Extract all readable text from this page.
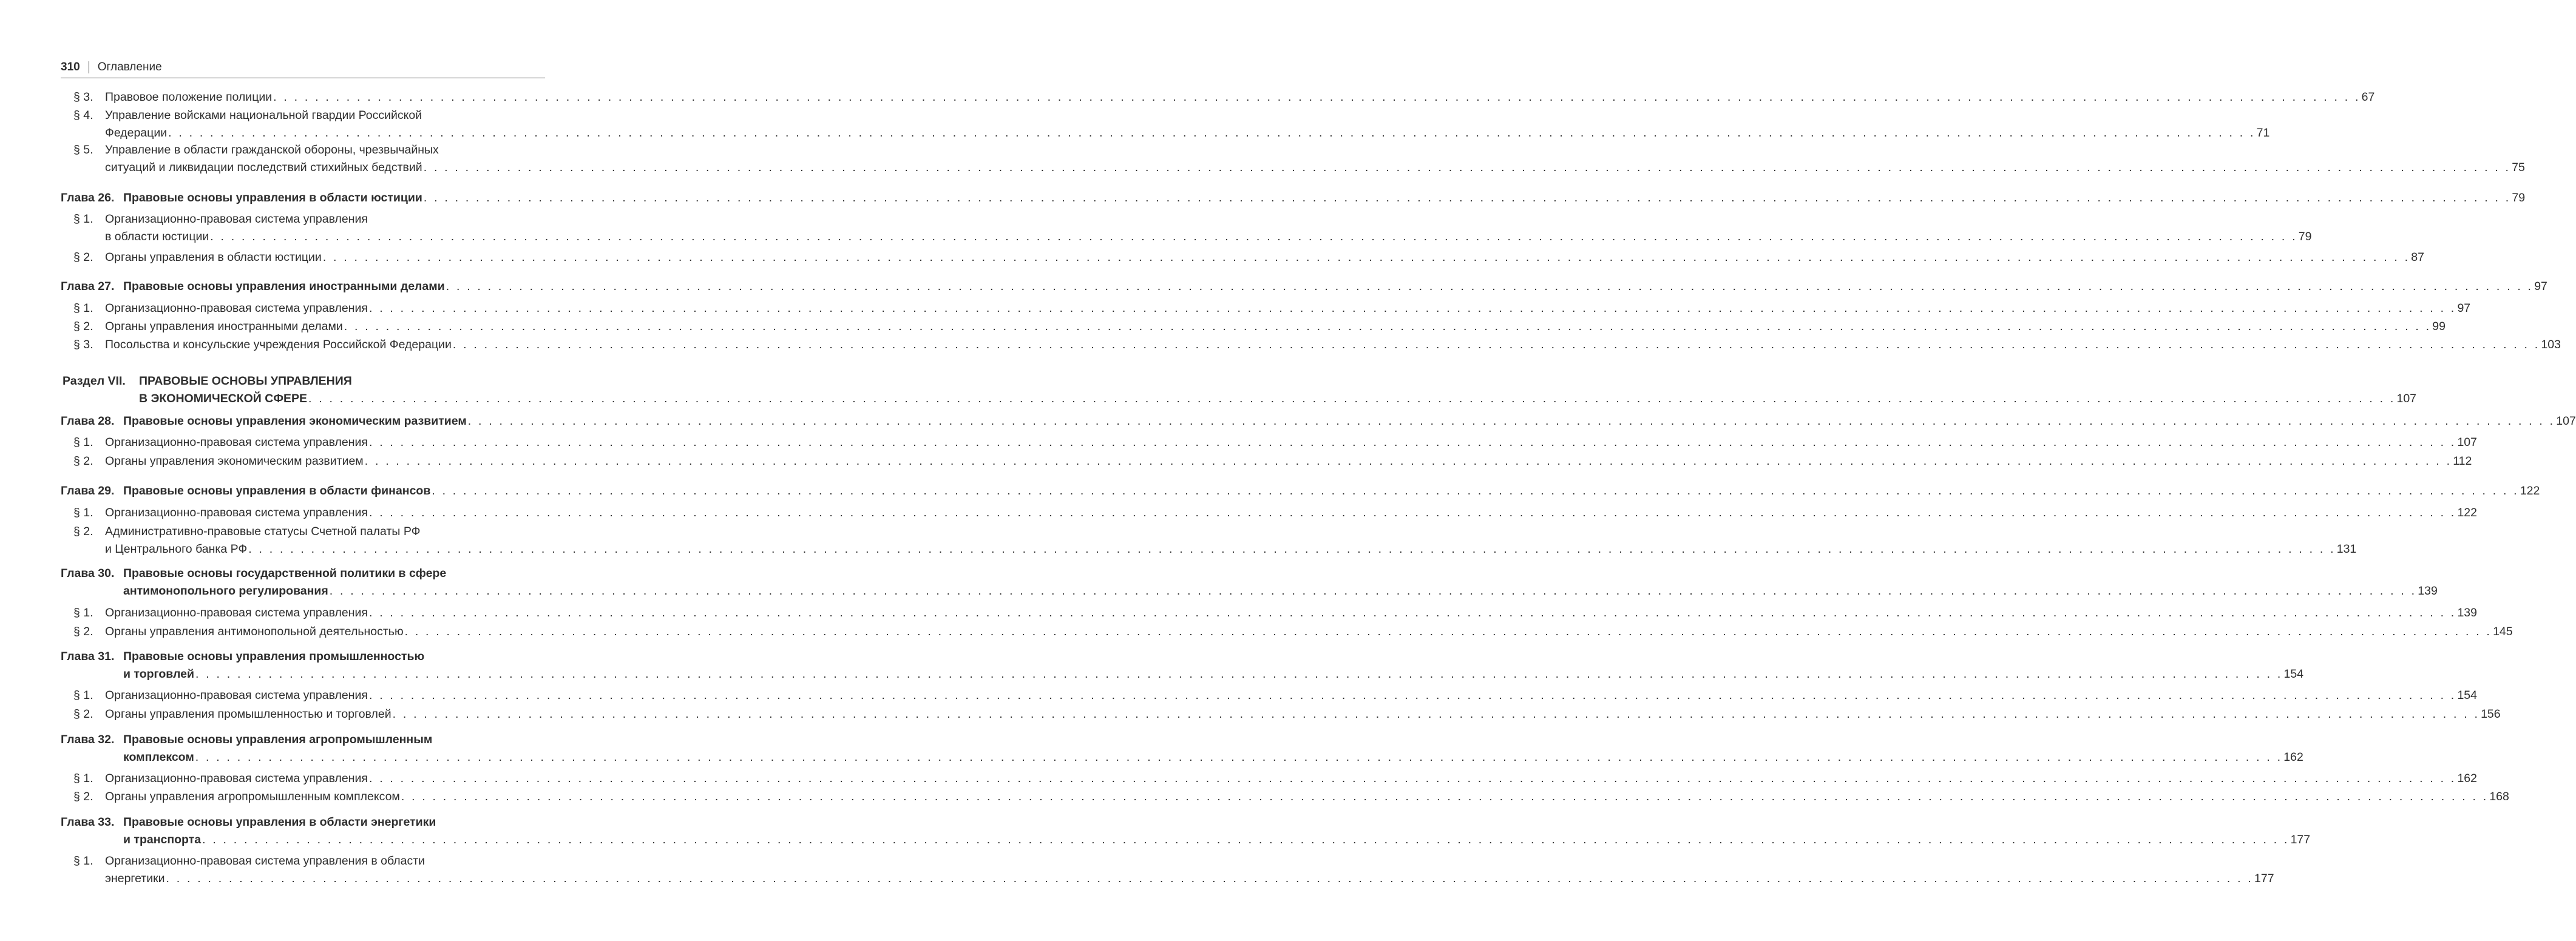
310 Оглавление
§ 3. Правовое положение полиции . . . . . . . . . . . . . . . . . . . . . . . . . . . . . . . . . . . . . . . . . . . . . . . . . . . . . . . . . . . . . . . . . . . . . . . . . . . . . . . . . . . . . . . . . . . . . . . . . . . . . . . . . . . . . . . . . . . . . . . . . . . . . . . . . . . . . . . . . . . . . . . . . . . . . . . . . . . . . . . . . . . . . . . . . . . . . . . . . . . . . . . . . . . . . . . . . . . . . . . . 67
§ 4. Управление войсками национальной гвардии Российской
Федерации . . . . . . . . . . . . . . . . . . . . . . . . . . . . . . . . . . . . . . . . . . . . . . . . . . . . . . . . . . . . . . . . . . . . . . . . . . . . . . . . . . . . . . . . . . . . . . . . . . . . . . . . . . . . . . . . . . . . . . . . . . . . . . . . . . . . . . . . . . . . . . . . . . . . . . . . . . . . . . . . . . . . . . . . . . . . . . . . . . . . . . . . . . . . . . . . . . . . . . . . 71
§ 5. Управление в области гражданской обороны, чрезвычайных
ситуаций и ликвидации последствий стихийных бедствий . . . . . . . . . . . . . . . . . . . . . . . . . . . . . . . . . . . . . . . . . . . . . . . . . . . . . . . . . . . . . . . . . . . . . . . . . . . . . . . . . . . . . . . . . . . . . . . . . . . . . . . . . . . . . . . . . . . . . . . . . . . . . . . . . . . . . . . . . . . . . . . . . . . . . . . . . . . . . . . . . . . . . . . . . . . . . . . . . . . . . . . . . . . . . . . . . . . . . . . . 75
Глава 26. Правовые основы управления в области юстиции . . . . . . . . . . . . . . . . . . . . . . . . . . . . . . . . . . . . . . . . . . . . . . . . . . . . . . . . . . . . . . . . . . . . . . . . . . . . . . . . . . . . . . . . . . . . . . . . . . . . . . . . . . . . . . . . . . . . . . . . . . . . . . . . . . . . . . . . . . . . . . . . . . . . . . . . . . . . . . . . . . . . . . . . . . . . . . . . . . . . . . . . . . . . . . . . . . . . . . . . 79
§ 1. Организационно-правовая система управления
в области юстиции . . . . . . . . . . . . . . . . . . . . . . . . . . . . . . . . . . . . . . . . . . . . . . . . . . . . . . . . . . . . . . . . . . . . . . . . . . . . . . . . . . . . . . . . . . . . . . . . . . . . . . . . . . . . . . . . . . . . . . . . . . . . . . . . . . . . . . . . . . . . . . . . . . . . . . . . . . . . . . . . . . . . . . . . . . . . . . . . . . . . . . . . . . . . . . . . . . . . . . . . 79
§ 2. Органы управления в области юстиции . . . . . . . . . . . . . . . . . . . . . . . . . . . . . . . . . . . . . . . . . . . . . . . . . . . . . . . . . . . . . . . . . . . . . . . . . . . . . . . . . . . . . . . . . . . . . . . . . . . . . . . . . . . . . . . . . . . . . . . . . . . . . . . . . . . . . . . . . . . . . . . . . . . . . . . . . . . . . . . . . . . . . . . . . . . . . . . . . . . . . . . . . . . . . . . . . . . . . . . . 87
Глава 27. Правовые основы управления иностранными делами . . . . . . . . . . . . . . . . . . . . . . . . . . . . . . . . . . . . . . . . . . . . . . . . . . . . . . . . . . . . . . . . . . . . . . . . . . . . . . . . . . . . . . . . . . . . . . . . . . . . . . . . . . . . . . . . . . . . . . . . . . . . . . . . . . . . . . . . . . . . . . . . . . . . . . . . . . . . . . . . . . . . . . . . . . . . . . . . . . . . . . . . . . . . . . . . . . . . . . . . 97
§ 1. Организационно-правовая система управления . . . . . . . . . . . . . . . . . . . . . . . . . . . . . . . . . . . . . . . . . . . . . . . . . . . . . . . . . . . . . . . . . . . . . . . . . . . . . . . . . . . . . . . . . . . . . . . . . . . . . . . . . . . . . . . . . . . . . . . . . . . . . . . . . . . . . . . . . . . . . . . . . . . . . . . . . . . . . . . . . . . . . . . . . . . . . . . . . . . . . . . . . . . . . . . . . . . . . . . . 97
§ 2. Органы управления иностранными делами . . . . . . . . . . . . . . . . . . . . . . . . . . . . . . . . . . . . . . . . . . . . . . . . . . . . . . . . . . . . . . . . . . . . . . . . . . . . . . . . . . . . . . . . . . . . . . . . . . . . . . . . . . . . . . . . . . . . . . . . . . . . . . . . . . . . . . . . . . . . . . . . . . . . . . . . . . . . . . . . . . . . . . . . . . . . . . . . . . . . . . . . . . . . . . . . . . . . . . . . 99
§ 3. Посольства и консульские учреждения Российской Федерации . . . . . . . . . . . . . . . . . . . . . . . . . . . . . . . . . . . . . . . . . . . . . . . . . . . . . . . . . . . . . . . . . . . . . . . . . . . . . . . . . . . . . . . . . . . . . . . . . . . . . . . . . . . . . . . . . . . . . . . . . . . . . . . . . . . . . . . . . . . . . . . . . . . . . . . . . . . . . . . . . . . . . . . . . . . . . . . . . . . . . . . . . . . . . . . . . . . . . . . . 103
Раздел VII. ПРАВОВЫЕ ОСНОВЫ УПРАВЛЕНИЯ
В ЭКОНОМИЧЕСКОЙ СФЕРЕ . . . . . . . . . . . . . . . . . . . . . . . . . . . . . . . . . . . . . . . . . . . . . . . . . . . . . . . . . . . . . . . . . . . . . . . . . . . . . . . . . . . . . . . . . . . . . . . . . . . . . . . . . . . . . . . . . . . . . . . . . . . . . . . . . . . . . . . . . . . . . . . . . . . . . . . . . . . . . . . . . . . . . . . . . . . . . . . . . . . . . . . . . . . . . . . . . . . . . . . . 107
Глава 28. Правовые основы управления экономическим развитием . . . . . . . . . . . . . . . . . . . . . . . . . . . . . . . . . . . . . . . . . . . . . . . . . . . . . . . . . . . . . . . . . . . . . . . . . . . . . . . . . . . . . . . . . . . . . . . . . . . . . . . . . . . . . . . . . . . . . . . . . . . . . . . . . . . . . . . . . . . . . . . . . . . . . . . . . . . . . . . . . . . . . . . . . . . . . . . . . . . . . . . . . . . . . . . . . . . . . . . . 107
§ 1. Организационно-правовая система управления . . . . . . . . . . . . . . . . . . . . . . . . . . . . . . . . . . . . . . . . . . . . . . . . . . . . . . . . . . . . . . . . . . . . . . . . . . . . . . . . . . . . . . . . . . . . . . . . . . . . . . . . . . . . . . . . . . . . . . . . . . . . . . . . . . . . . . . . . . . . . . . . . . . . . . . . . . . . . . . . . . . . . . . . . . . . . . . . . . . . . . . . . . . . . . . . . . . . . . . . 107
§ 2. Органы управления экономическим развитием . . . . . . . . . . . . . . . . . . . . . . . . . . . . . . . . . . . . . . . . . . . . . . . . . . . . . . . . . . . . . . . . . . . . . . . . . . . . . . . . . . . . . . . . . . . . . . . . . . . . . . . . . . . . . . . . . . . . . . . . . . . . . . . . . . . . . . . . . . . . . . . . . . . . . . . . . . . . . . . . . . . . . . . . . . . . . . . . . . . . . . . . . . . . . . . . . . . . . . . . 112
Глава 29. Правовые основы управления в области финансов . . . . . . . . . . . . . . . . . . . . . . . . . . . . . . . . . . . . . . . . . . . . . . . . . . . . . . . . . . . . . . . . . . . . . . . . . . . . . . . . . . . . . . . . . . . . . . . . . . . . . . . . . . . . . . . . . . . . . . . . . . . . . . . . . . . . . . . . . . . . . . . . . . . . . . . . . . . . . . . . . . . . . . . . . . . . . . . . . . . . . . . . . . . . . . . . . . . . . . . . 122
§ 1. Организационно-правовая система управления . . . . . . . . . . . . . . . . . . . . . . . . . . . . . . . . . . . . . . . . . . . . . . . . . . . . . . . . . . . . . . . . . . . . . . . . . . . . . . . . . . . . . . . . . . . . . . . . . . . . . . . . . . . . . . . . . . . . . . . . . . . . . . . . . . . . . . . . . . . . . . . . . . . . . . . . . . . . . . . . . . . . . . . . . . . . . . . . . . . . . . . . . . . . . . . . . . . . . . . . 122
§ 2. Административно-правовые статусы Счетной палаты РФ
и Центрального банка РФ . . . . . . . . . . . . . . . . . . . . . . . . . . . . . . . . . . . . . . . . . . . . . . . . . . . . . . . . . . . . . . . . . . . . . . . . . . . . . . . . . . . . . . . . . . . . . . . . . . . . . . . . . . . . . . . . . . . . . . . . . . . . . . . . . . . . . . . . . . . . . . . . . . . . . . . . . . . . . . . . . . . . . . . . . . . . . . . . . . . . . . . . . . . . . . . . . . . . . . . . 131
Глава 30. Правовые основы государственной политики в сфере
антимонопольного регулирования . . . . . . . . . . . . . . . . . . . . . . . . . . . . . . . . . . . . . . . . . . . . . . . . . . . . . . . . . . . . . . . . . . . . . . . . . . . . . . . . . . . . . . . . . . . . . . . . . . . . . . . . . . . . . . . . . . . . . . . . . . . . . . . . . . . . . . . . . . . . . . . . . . . . . . . . . . . . . . . . . . . . . . . . . . . . . . . . . . . . . . . . . . . . . . . . . . . . . . . . 139
§ 1. Организационно-правовая система управления . . . . . . . . . . . . . . . . . . . . . . . . . . . . . . . . . . . . . . . . . . . . . . . . . . . . . . . . . . . . . . . . . . . . . . . . . . . . . . . . . . . . . . . . . . . . . . . . . . . . . . . . . . . . . . . . . . . . . . . . . . . . . . . . . . . . . . . . . . . . . . . . . . . . . . . . . . . . . . . . . . . . . . . . . . . . . . . . . . . . . . . . . . . . . . . . . . . . . . . . 139
§ 2. Органы управления антимонопольной деятельностью . . . . . . . . . . . . . . . . . . . . . . . . . . . . . . . . . . . . . . . . . . . . . . . . . . . . . . . . . . . . . . . . . . . . . . . . . . . . . . . . . . . . . . . . . . . . . . . . . . . . . . . . . . . . . . . . . . . . . . . . . . . . . . . . . . . . . . . . . . . . . . . . . . . . . . . . . . . . . . . . . . . . . . . . . . . . . . . . . . . . . . . . . . . . . . . . . . . . . . . . 145
Глава 31. Правовые основы управления промышленностью
и торговлей . . . . . . . . . . . . . . . . . . . . . . . . . . . . . . . . . . . . . . . . . . . . . . . . . . . . . . . . . . . . . . . . . . . . . . . . . . . . . . . . . . . . . . . . . . . . . . . . . . . . . . . . . . . . . . . . . . . . . . . . . . . . . . . . . . . . . . . . . . . . . . . . . . . . . . . . . . . . . . . . . . . . . . . . . . . . . . . . . . . . . . . . . . . . . . . . . . . . . . . . 154
§ 1. Организационно-правовая система управления . . . . . . . . . . . . . . . . . . . . . . . . . . . . . . . . . . . . . . . . . . . . . . . . . . . . . . . . . . . . . . . . . . . . . . . . . . . . . . . . . . . . . . . . . . . . . . . . . . . . . . . . . . . . . . . . . . . . . . . . . . . . . . . . . . . . . . . . . . . . . . . . . . . . . . . . . . . . . . . . . . . . . . . . . . . . . . . . . . . . . . . . . . . . . . . . . . . . . . . . 154
§ 2. Органы управления промышленностью и торговлей . . . . . . . . . . . . . . . . . . . . . . . . . . . . . . . . . . . . . . . . . . . . . . . . . . . . . . . . . . . . . . . . . . . . . . . . . . . . . . . . . . . . . . . . . . . . . . . . . . . . . . . . . . . . . . . . . . . . . . . . . . . . . . . . . . . . . . . . . . . . . . . . . . . . . . . . . . . . . . . . . . . . . . . . . . . . . . . . . . . . . . . . . . . . . . . . . . . . . . . . 156
Глава 32. Правовые основы управления агропромышленным
комплексом . . . . . . . . . . . . . . . . . . . . . . . . . . . . . . . . . . . . . . . . . . . . . . . . . . . . . . . . . . . . . . . . . . . . . . . . . . . . . . . . . . . . . . . . . . . . . . . . . . . . . . . . . . . . . . . . . . . . . . . . . . . . . . . . . . . . . . . . . . . . . . . . . . . . . . . . . . . . . . . . . . . . . . . . . . . . . . . . . . . . . . . . . . . . . . . . . . . . . . . . 162
§ 1. Организационно-правовая система управления . . . . . . . . . . . . . . . . . . . . . . . . . . . . . . . . . . . . . . . . . . . . . . . . . . . . . . . . . . . . . . . . . . . . . . . . . . . . . . . . . . . . . . . . . . . . . . . . . . . . . . . . . . . . . . . . . . . . . . . . . . . . . . . . . . . . . . . . . . . . . . . . . . . . . . . . . . . . . . . . . . . . . . . . . . . . . . . . . . . . . . . . . . . . . . . . . . . . . . . . 162
§ 2. Органы управления агропромышленным комплексом . . . . . . . . . . . . . . . . . . . . . . . . . . . . . . . . . . . . . . . . . . . . . . . . . . . . . . . . . . . . . . . . . . . . . . . . . . . . . . . . . . . . . . . . . . . . . . . . . . . . . . . . . . . . . . . . . . . . . . . . . . . . . . . . . . . . . . . . . . . . . . . . . . . . . . . . . . . . . . . . . . . . . . . . . . . . . . . . . . . . . . . . . . . . . . . . . . . . . . . . 168
Глава 33. Правовые основы управления в области энергетики
и транспорта . . . . . . . . . . . . . . . . . . . . . . . . . . . . . . . . . . . . . . . . . . . . . . . . . . . . . . . . . . . . . . . . . . . . . . . . . . . . . . . . . . . . . . . . . . . . . . . . . . . . . . . . . . . . . . . . . . . . . . . . . . . . . . . . . . . . . . . . . . . . . . . . . . . . . . . . . . . . . . . . . . . . . . . . . . . . . . . . . . . . . . . . . . . . . . . . . . . . . . . . 177
§ 1. Организационно-правовая система управления в области
энергетики . . . . . . . . . . . . . . . . . . . . . . . . . . . . . . . . . . . . . . . . . . . . . . . . . . . . . . . . . . . . . . . . . . . . . . . . . . . . . . . . . . . . . . . . . . . . . . . . . . . . . . . . . . . . . . . . . . . . . . . . . . . . . . . . . . . . . . . . . . . . . . . . . . . . . . . . . . . . . . . . . . . . . . . . . . . . . . . . . . . . . . . . . . . . . . . . . . . . . . . . 177
